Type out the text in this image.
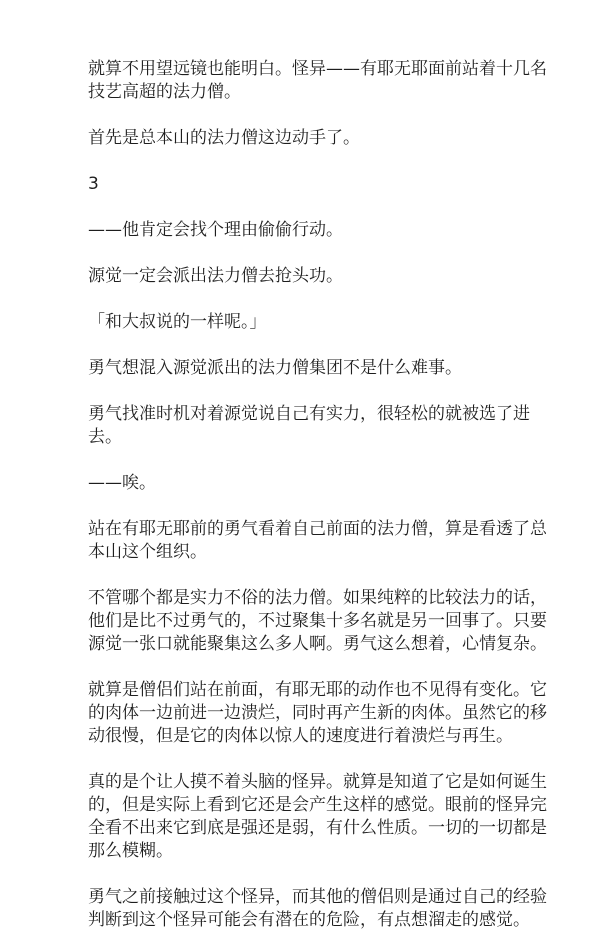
就算不用望远镜也能明白。怪异——有耶无耶面前站着十几名技艺高超的法力僧。

首先是总本山的法力僧这边动手了。

3

——他肯定会找个理由偷偷行动。

源觉一定会派出法力僧去抢头功。

「和大叔说的一样呢。」

勇气想混入源觉派出的法力僧集团不是什么难事。

勇气找准时机对着源觉说自己有实力，很轻松的就被选了进去。

——唉。

站在有耶无耶前的勇气看着自己前面的法力僧，算是看透了总本山这个组织。

不管哪个都是实力不俗的法力僧。如果纯粹的比较法力的话，他们是比不过勇气的，不过聚集十多名就是另一回事了。只要源觉一张口就能聚集这么多人啊。勇气这么想着，心情复杂。

就算是僧侣们站在前面，有耶无耶的动作也不见得有变化。它的肉体一边前进一边溃烂，同时再产生新的肉体。虽然它的移动很慢，但是它的肉体以惊人的速度进行着溃烂与再生。

真的是个让人摸不着头脑的怪异。就算是知道了它是如何诞生的，但是实际上看到它还是会产生这样的感觉。眼前的怪异完全看不出来它到底是强还是弱，有什么性质。一切的一切都是那么模糊。

勇气之前接触过这个怪异，而其他的僧侣则是通过自己的经验判断到这个怪异可能会有潜在的危险，有点想溜走的感觉。
